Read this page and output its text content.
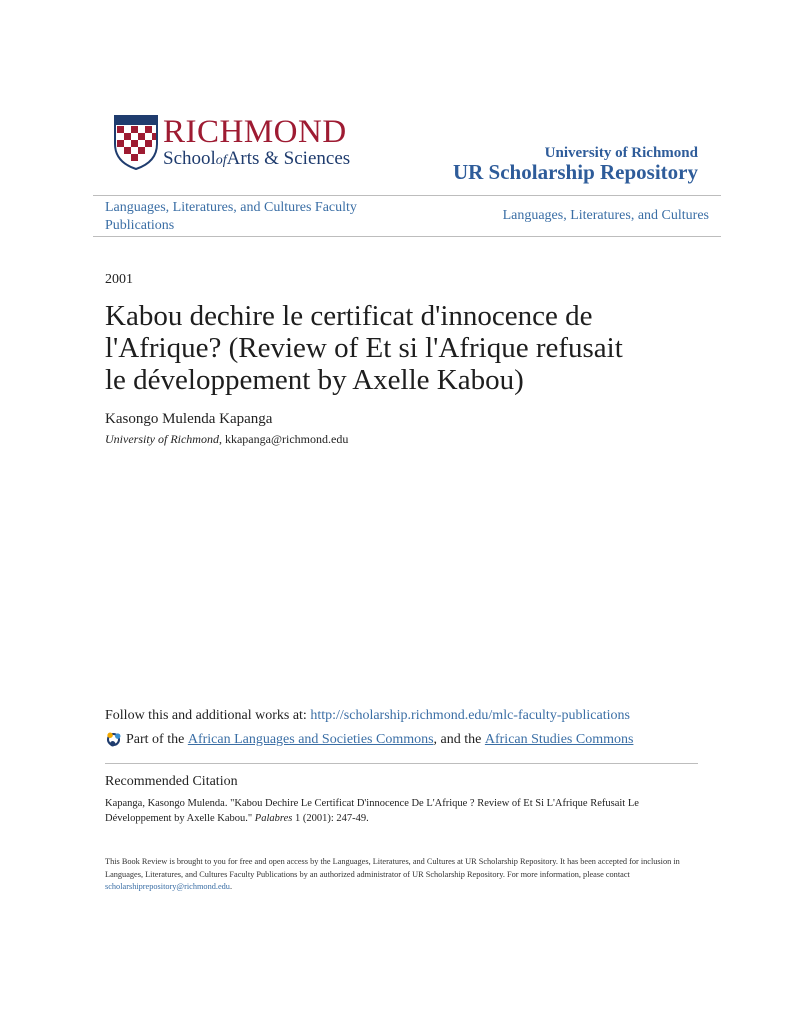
RICHMOND
SchoolofArts & Sciences	University of Richmond
UR Scholarship Repository
Languages, Literatures, and Cultures Faculty Publications
Languages, Literatures, and Cultures
2001
Kabou dechire le certificat d'innocence de l'Afrique? (Review of Et si l'Afrique refusait le développement by Axelle Kabou)
Kasongo Mulenda Kapanga
University of Richmond, kkapanga@richmond.edu
Follow this and additional works at: http://scholarship.richmond.edu/mlc-faculty-publications
Part of the
African Languages and Societies Commons , and the
African Studies Commons
Recommended Citation
Kapanga, Kasongo Mulenda. "Kabou Dechire Le Certificat D'innocence De L'Afrique ? Review of Et Si L'Afrique Refusait Le Développement by Axelle Kabou." Palabres 1 (2001): 247-49.
This Book Review is brought to you for free and open access by the Languages, Literatures, and Cultures at UR Scholarship Repository. It has been accepted for inclusion in Languages, Literatures, and Cultures Faculty Publications by an authorized administrator of UR Scholarship Repository. For more information, please contact scholarshiprepository@richmond.edu.
